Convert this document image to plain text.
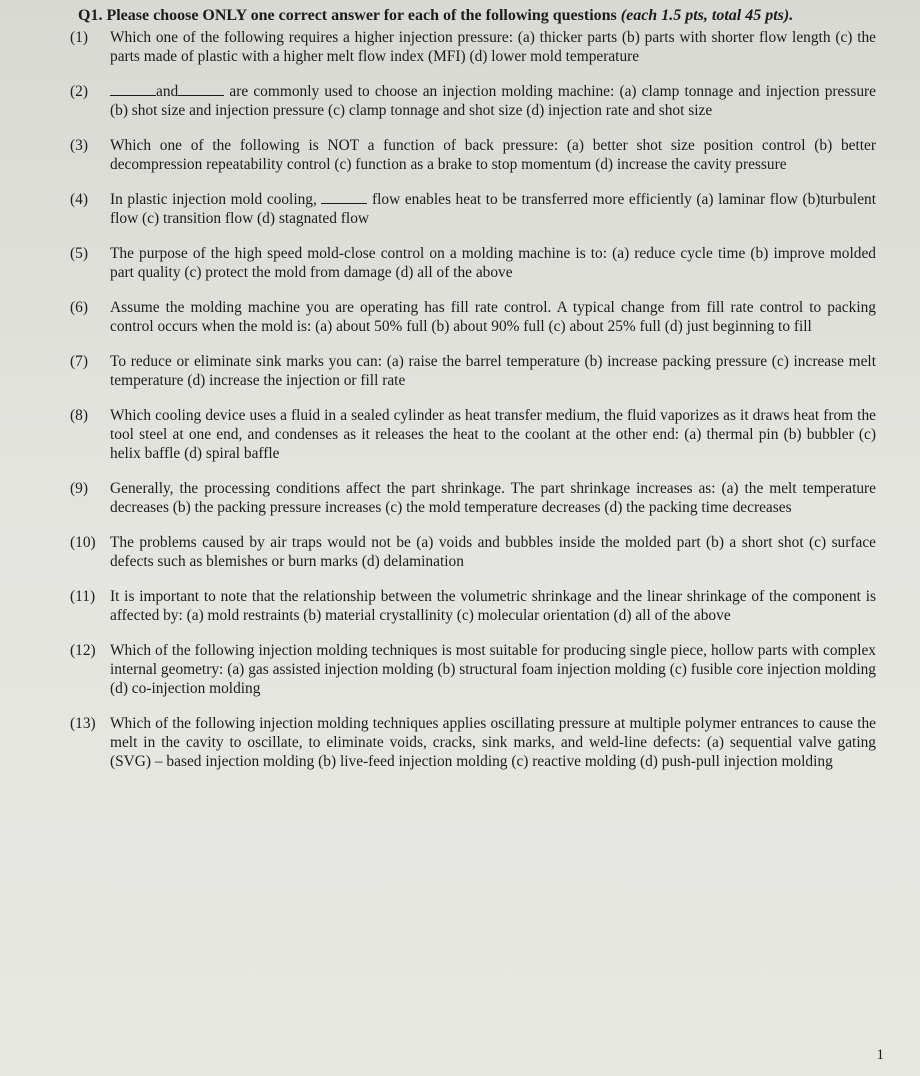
Q1. Please choose ONLY one correct answer for each of the following questions (each 1.5 pts, total 45 pts).
(1)	Which one of the following requires a higher injection pressure: (a) thicker parts (b) parts with shorter flow length (c) the parts made of plastic with a higher melt flow index (MFI) (d) lower mold temperature
(2)	and	are commonly used to choose an injection molding machine: (a) clamp tonnage and injection pressure (b) shot size and injection pressure (c) clamp tonnage and shot size (d) injection rate and shot size
(3)	Which one of the following is NOT a function of back pressure: (a) better shot size position control (b) better decompression repeatability control (c) function as a brake to stop momentum (d) increase the cavity pressure
(4)	In plastic injection mold cooling,	flow enables heat to be transferred more efficiently (a) laminar flow (b)turbulent flow (c) transition flow (d) stagnated flow
(5)	The purpose of the high speed mold-close control on a molding machine is to: (a) reduce cycle time (b) improve molded part quality (c) protect the mold from damage (d) all of the above
(6)	Assume the molding machine you are operating has fill rate control. A typical change from fill rate control to packing control occurs when the mold is: (a) about 50% full (b) about 90% full (c) about 25% full (d) just beginning to fill
(7)	To reduce or eliminate sink marks you can: (a) raise the barrel temperature (b) increase packing pressure (c) increase melt temperature (d) increase the injection or fill rate
(8)	Which cooling device uses a fluid in a sealed cylinder as heat transfer medium, the fluid vaporizes as it draws heat from the tool steel at one end, and condenses as it releases the heat to the coolant at the other end: (a) thermal pin (b) bubbler (c) helix baffle (d) spiral baffle
(9)	Generally, the processing conditions affect the part shrinkage. The part shrinkage increases as: (a) the melt temperature decreases (b) the packing pressure increases (c) the mold temperature decreases (d) the packing time decreases
(10) The problems caused by air traps would not be (a) voids and bubbles inside the molded part (b) a short shot (c) surface defects such as blemishes or burn marks (d) delamination
(11) It is important to note that the relationship between the volumetric shrinkage and the linear shrinkage of the component is affected by: (a) mold restraints (b) material crystallinity (c) molecular orientation (d) all of the above
(12) Which of the following injection molding techniques is most suitable for producing single piece, hollow parts with complex internal geometry: (a) gas assisted injection molding (b) structural foam injection molding (c) fusible core injection molding (d) co-injection molding
(13) Which of the following injection molding techniques applies oscillating pressure at multiple polymer entrances to cause the melt in the cavity to oscillate, to eliminate voids, cracks, sink marks, and weld-line defects: (a) sequential valve gating (SVG) – based injection molding (b) live-feed injection molding (c) reactive molding (d) push-pull injection molding
1
